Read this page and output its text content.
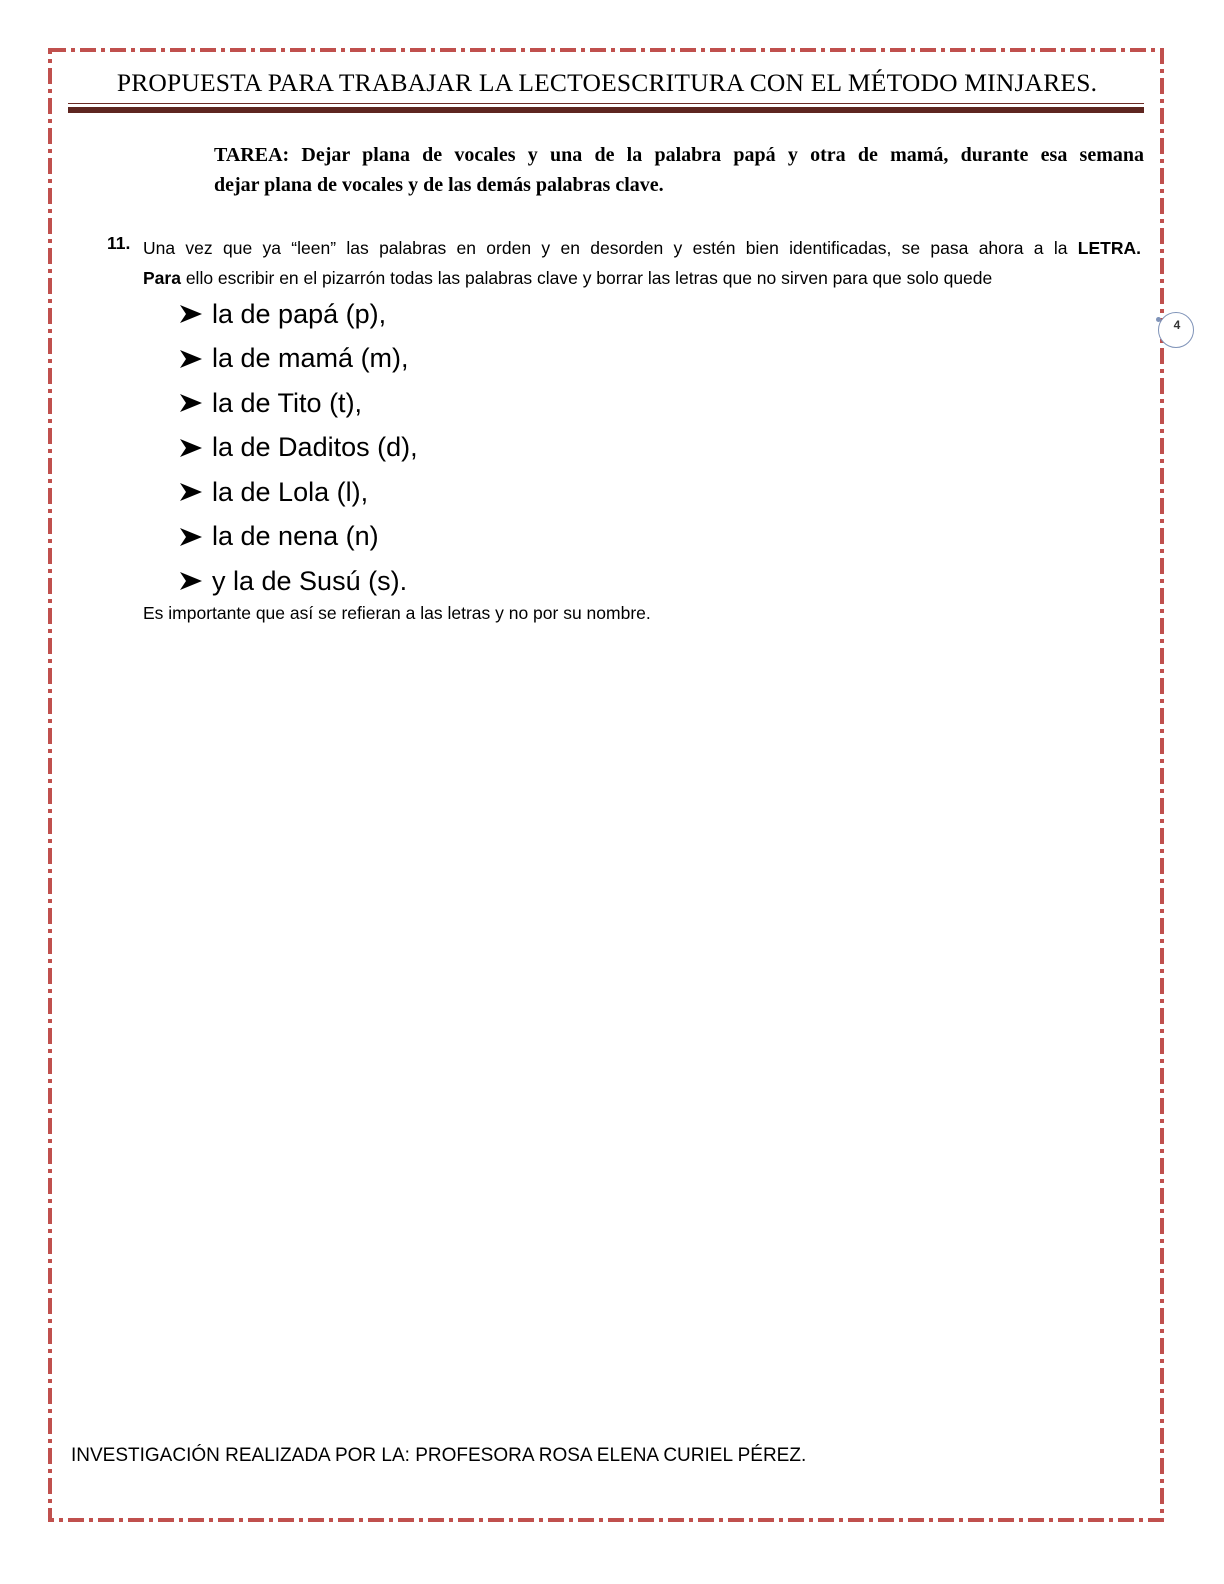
PROPUESTA PARA TRABAJAR LA LECTOESCRITURA CON EL MÉTODO MINJARES.
TAREA: Dejar plana de vocales y una de la palabra papá y otra de mamá, durante esa semana
dejar plana de vocales y de las demás palabras clave.
11. Una vez que ya “leen” las palabras en orden y en desorden y estén bien identificadas, se pasa ahora a la LETRA.
Para ello escribir en el pizarrón todas las palabras clave y borrar las letras que no sirven para que solo quede
la de papá (p),
la de mamá (m),
la de Tito (t),
la de Daditos (d),
la de Lola (l),
la de nena (n)
y la de Susú (s).
Es importante que así se refieran a las letras y no por su nombre.
4
INVESTIGACIÓN REALIZADA POR LA: PROFESORA ROSA ELENA CURIEL PÉREZ.
